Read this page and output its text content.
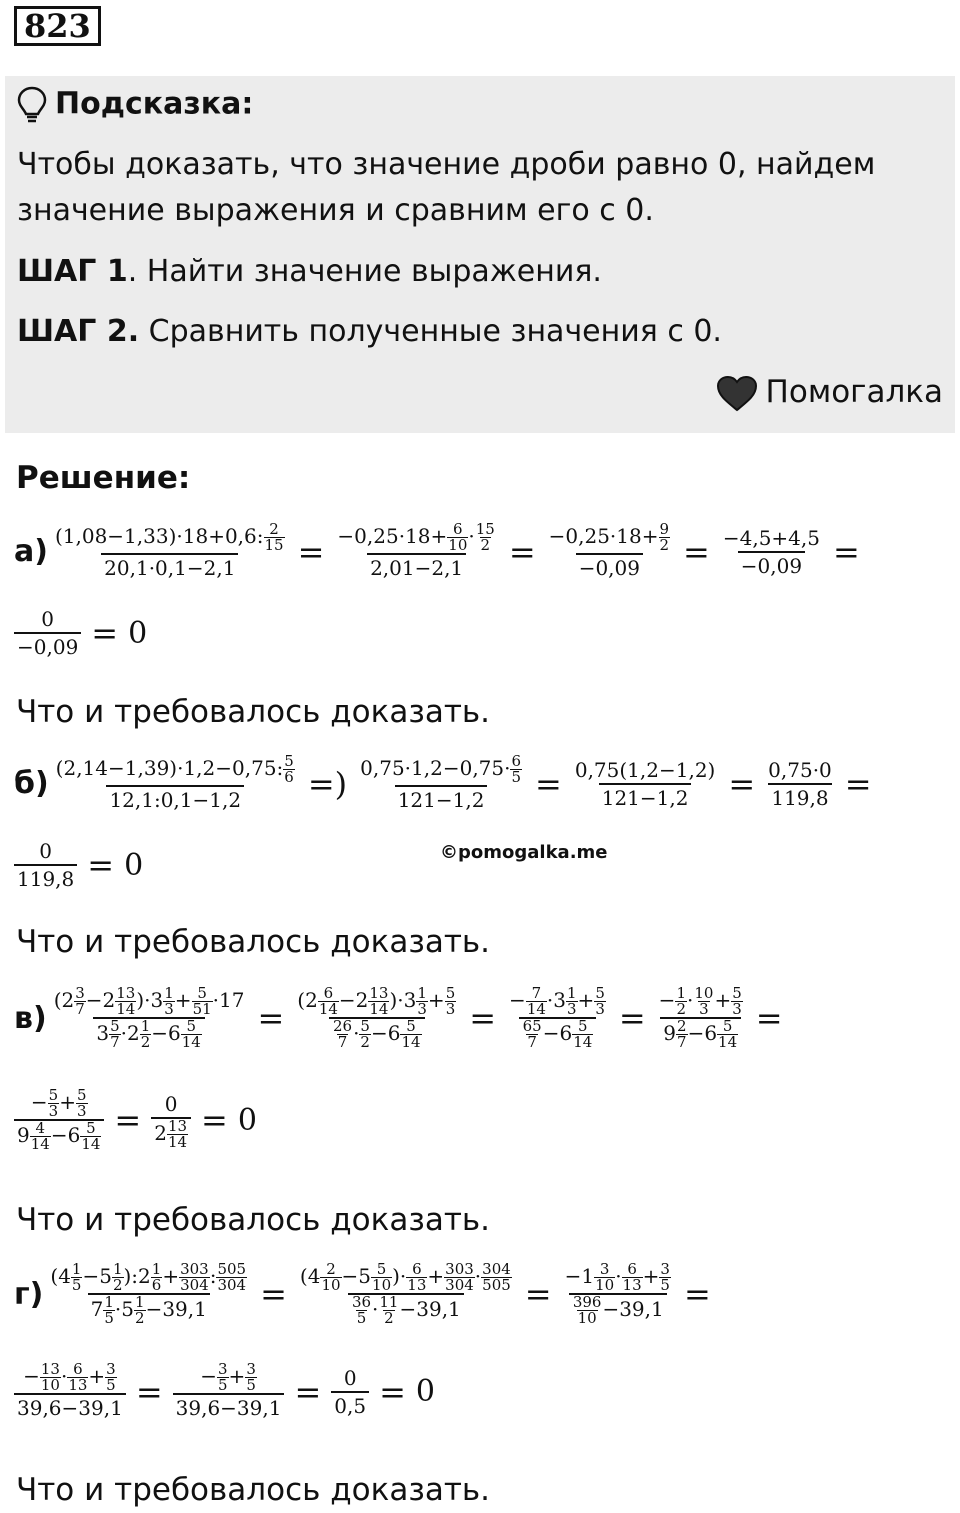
823
Подсказка:
Чтобы доказать, что значение дроби равно 0, найдем значение выражения и сравним его с 0.
ШАГ 1. Найти значение выражения.
ШАГ 2. Сравнить полученные значения с 0.
Помогалка
Решение:
$а) \frac{(1,08-1,33)\cdot 18+0,6: \frac{2}{15}}{20,1\cdot 0,1-2,1} = \frac{-0,25\cdot 18+ \frac{6}{10} \cdot \frac{15}{2}}{2,01-2,1} = \frac{-0,25\cdot 18+ \frac{9}{2}}{-0,09} = \frac{-4,5+4,5}{-0,09}$ =
$\frac{0}{-0,09} = 0$
Что и требовалось доказать.
$б) \frac{(2,14-1,39)\cdot 1,2-0,75: \frac{5}{6}}{12,1:0,1-1,2}$ =) $\frac{0,75\cdot 1,2-0,75\cdot \frac{6}{5}}{121-1,2} = \frac{0,75(1,2-1,2)}{121-1,2} = \frac{0,75\cdot 0}{119,8}$ =
©pomogalka.me
$\frac{0}{119,8} = 0$
Что и требовалось доказать.
$в) \frac{(2 \frac{3}{7} -2 \frac{13}{14} )\cdot 3 \frac{1}{3} + \frac{5}{51} \cdot 17}{3 \frac{5}{7} \cdot 2 \frac{1}{2} -6 \frac{5}{14}} = \frac{(2 \frac{6}{14} -2 \frac{13}{14} )\cdot 3 \frac{1}{3} + \frac{5}{3}}{\frac{26}{7} \cdot \frac{5}{2} -6 \frac{5}{14}} = \frac{- \frac{7}{14} \cdot 3 \frac{1}{3} + \frac{5}{3}}{\frac{65}{7} -6 \frac{5}{14}} = \frac{- \frac{1}{2} \cdot \frac{10}{3} + \frac{5}{3}}{9 \frac{2}{7} -6 \frac{5}{14}}$ =
$\frac{- \frac{5}{3} + \frac{5}{3}}{9 \frac{4}{14} -6 \frac{5}{14}} = \frac{0}{2 \frac{13}{14}} = 0$
Что и требовалось доказать.
$г) \frac{(4 \frac{1}{5} -5 \frac{1}{2} ):2 \frac{1}{6} + \frac{303}{304} : \frac{505}{304}}{7 \frac{1}{5} \cdot 5 \frac{1}{2} -39,1} = \frac{(4 \frac{2}{10} -5 \frac{5}{10} )\cdot \frac{6}{13} + \frac{303}{304} \cdot \frac{304}{505}}{\frac{36}{5} \cdot \frac{11}{2} -39,1} = \frac{-1 \frac{3}{10} \cdot \frac{6}{13} + \frac{3}{5}}{\frac{396}{10} -39,1}$ =
$\frac{- \frac{13}{10} \cdot \frac{6}{13} + \frac{3}{5}}{39,6-39,1} = \frac{- \frac{3}{5} + \frac{3}{5}}{39,6-39,1} = \frac{0}{0,5} = 0$
Что и требовалось доказать.
